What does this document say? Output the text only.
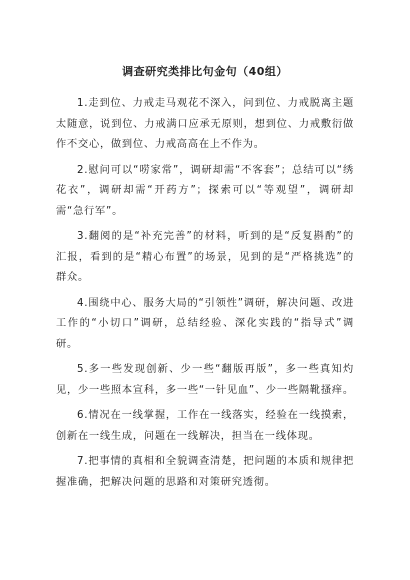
调查研究类排比句金句（40组）

1.走到位、力戒走马观花不深入，问到位、力戒脱离主题太随意，说到位、力戒满口应承无原则，想到位、力戒敷衍做作不交心，做到位、力戒高高在上不作为。

2.慰问可以“唠家常”，调研却需“不客套”；总结可以“绣花衣”，调研却需“开药方”；探索可以“等观望”，调研却需“急行军”。

3.翻阅的是“补充完善”的材料，听到的是“反复斟酌”的汇报，看到的是“精心布置”的场景，见到的是“严格挑选”的群众。

4.围绕中心、服务大局的“引领性”调研，解决问题、改进工作的“小切口”调研，总结经验、深化实践的“指导式”调研。

5.多一些发现创新、少一些“翻版再版”，多一些真知灼见，少一些照本宣科，多一些“一针见血”、少一些隔靴搔痒。

6.情况在一线掌握，工作在一线落实，经验在一线摸索，创新在一线生成，问题在一线解决，担当在一线体现。

7.把事情的真相和全貌调查清楚，把问题的本质和规律把握准确，把解决问题的思路和对策研究透彻。
